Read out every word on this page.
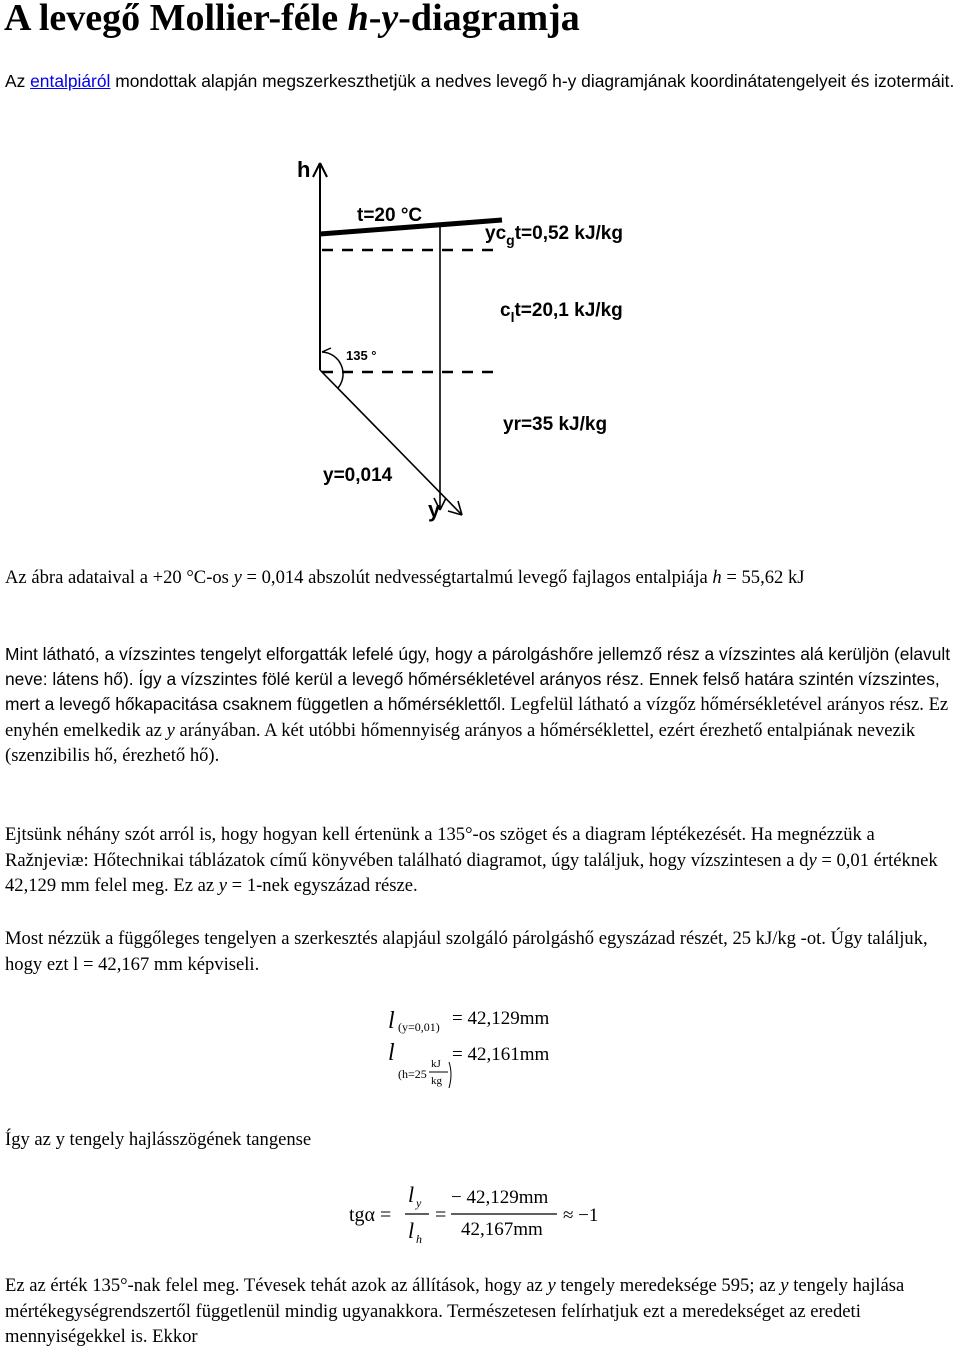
A levegő Mollier-féle h-y-diagramja

Az entalpiáról mondottak alapján megszerkeszthetjük a nedves levegő h-y diagramjának koordinátatengelyeit és izotermáit.

h
t=20 °C
$yc_gt=0,52$ kJ/kg
$c_lt=20,1$ kJ/kg
135 °
yr=35 kJ/kg
y=0,014
y

Az ábra adataival a +20 °C-os y = 0,014 abszolút nedvességtartalmú levegő fajlagos entalpiája h = 55,62 kJ

Mint látható, a vízszintes tengelyt elforgatták lefelé úgy, hogy a párolgáshőre jellemző rész a vízszintes alá kerüljön (elavult neve: látens hő). Így a vízszintes fölé kerül a levegő hőmérsékletével arányos rész. Ennek felső határa szintén vízszintes, mert a levegő hőkapacitása csaknem független a hőmérséklettől. Legfelül látható a vízgőz hőmérsékletével arányos rész. Ez enyhén emelkedik az y arányában. A két utóbbi hőmennyiség arányos a hőmérséklettel, ezért érezhető entalpiának nevezik (szenzibilis hő, érezhető hő).

Ejtsünk néhány szót arról is, hogy hogyan kell értenünk a 135°-os szöget és a diagram léptékezését. Ha megnézzük a Ražnjeviæ: Hőtechnikai táblázatok című könyvében található diagramot, úgy találjuk, hogy vízszintesen a dy = 0,01 értéknek 42,129 mm felel meg. Ez az y = 1-nek egyszázad része.

Most nézzük a függőleges tengelyen a szerkesztés alapjául szolgáló párolgáshő egyszázad részét, 25 kJ/kg -ot. Úgy találjuk, hogy ezt l = 42,167 mm képviseli.

l (y=0,01) = 42,129mm
l
(h=25
kJ
kg
= 42,161mm

Így az y tengely hajlásszögének tangense

tgα =
l y
l h
=
− 42,129mm
42,167mm
≈ −1

Ez az érték 135°-nak felel meg. Tévesek tehát azok az állítások, hogy az y tengely meredeksége 595; az y tengely hajlása mértékegységrendszertől függetlenül mindig ugyanakkora. Természetesen felírhatjuk ezt a meredekséget az eredeti mennyiségekkel is. Ekkor
